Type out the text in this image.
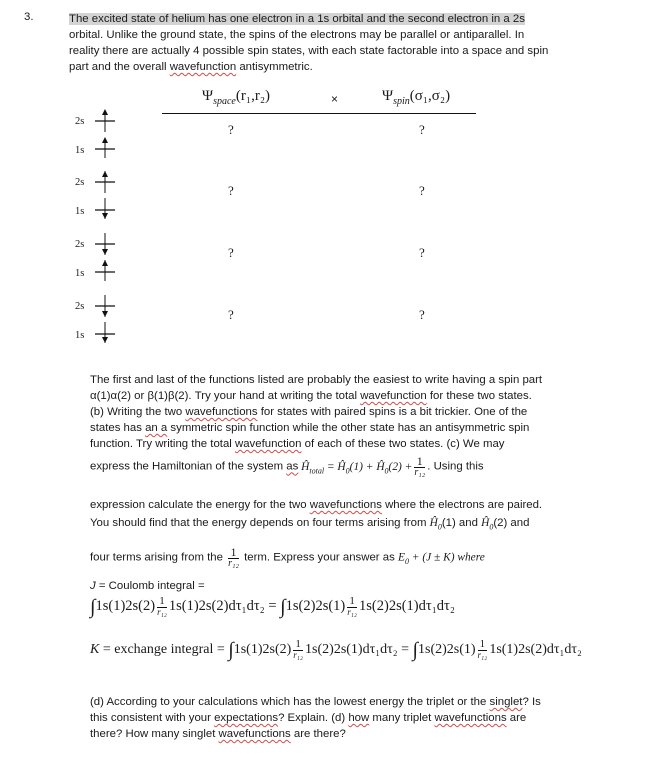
3.	The excited state of helium has one electron in a 1s orbital and the second electron in a 2s
orbital. Unlike the ground state, the spins of the electrons may be parallel or antiparallel. In
reality there are actually 4 possible spin states, with each state factorable into a space and spin
part and the overall wavefunction antisymmetric.
$\Psi_{space}(r_1,r_2)$	×	$\Psi_{spin}(\sigma_1,\sigma_2)$
2s
1s
?	?
2s
1s
?	?
2s
1s
?	?
2s
1s
?	?
The first and last of the functions listed are probably the easiest to write having a spin part
α(1)α(2) or β(1)β(2). Try your hand at writing the total wavefunction for these two states.
(b) Writing the two wavefunctions for states with paired spins is a bit trickier. One of the
states has an a symmetric spin function while the other state has an antisymmetric spin
function. Try writing the total wavefunction of each of these two states. (c) We may
express the Hamiltonian of the system as $Ĥ_{total}$ = $Ĥ_0(1)$ + $Ĥ_0(2) + \frac{1}{\text{r₁₂}}$ . Using this
expression calculate the energy for the two wavefunctions where the electrons are paired.
You should find that the energy depends on four terms arising from $Ĥ_0(1)$ and $Ĥ_0(2)$ and
four terms arising from the $\frac{1}{\text{r₁₂}}$ term. Express your answer as $E_0 + (J \pm K)$ where
J = Coulomb integral =
$\int 1s(1)2s(2) \frac{1}{\text{r₁₂}} 1s(1)2s(2)d\tau_1d\tau_2 = \int 1s(2)2s(1) \frac{1}{\text{r₁₂}} 1s(2)2s(1)d\tau_1d\tau_2$
K = exchange integral = $\int 1s(1)2s(2) \frac{1}{\text{r₁₂}} 1s(2)2s(1)d\tau_1d\tau_2 = \int 1s(2)2s(1) \frac{1}{\text{r₁₂}} 1s(1)2s(2)d\tau_1d\tau_2$
(d) According to your calculations which has the lowest energy the triplet or the singlet? Is
this consistent with your expectations? Explain. (d) how many triplet wavefunctions are
there? How many singlet wavefunctions are there?
